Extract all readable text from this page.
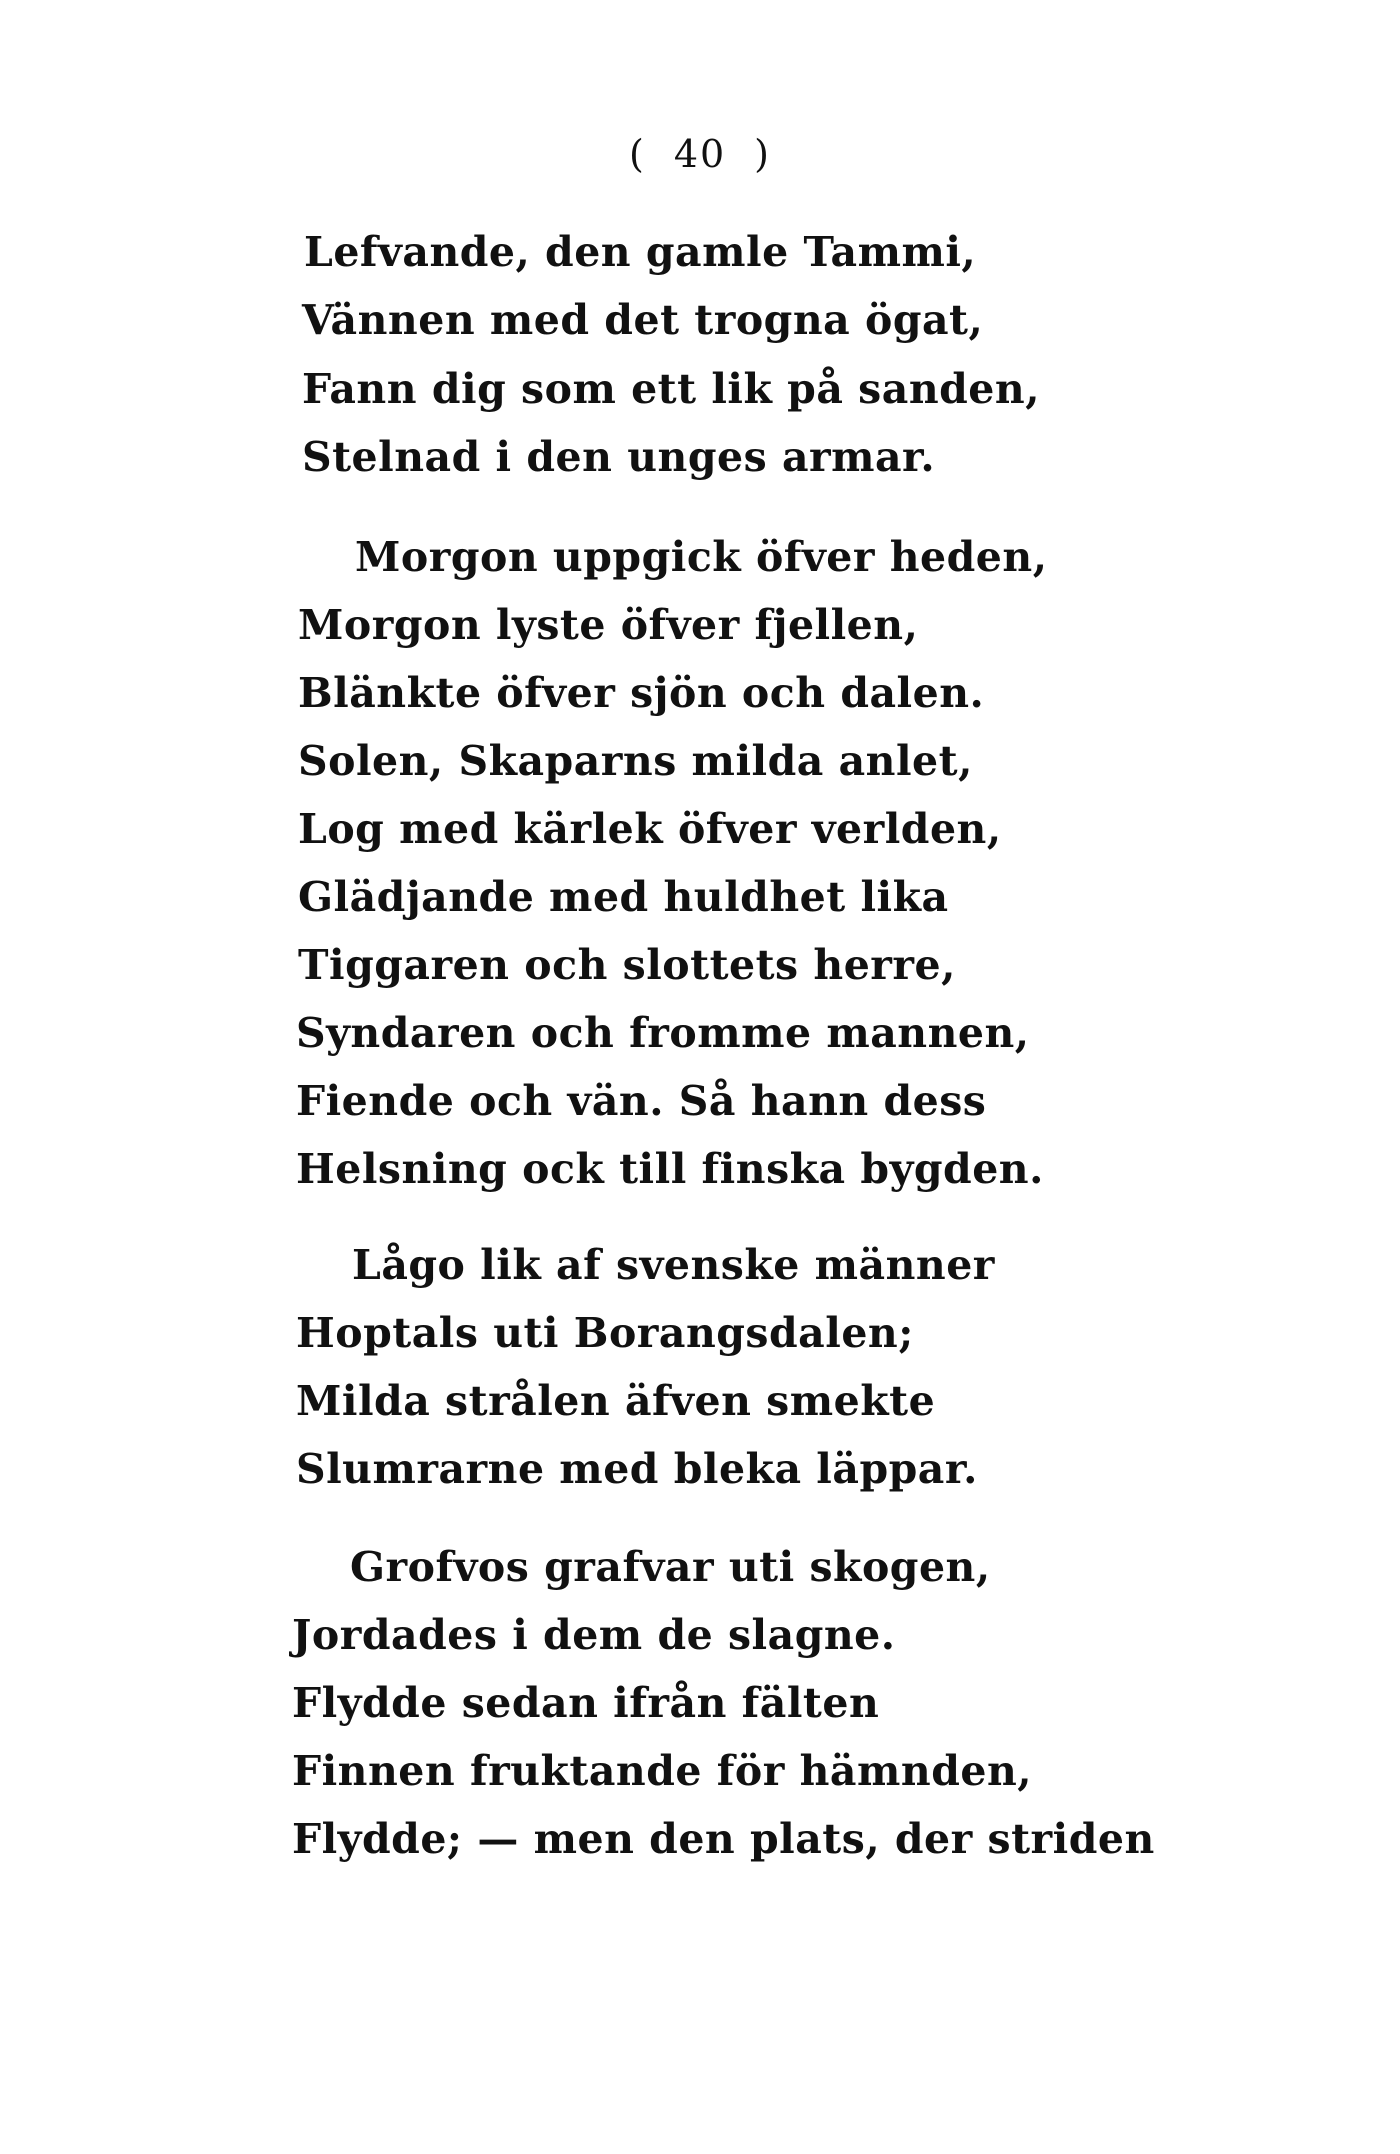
( 40 )
Lefvande, den gamle Tammi,
Vännen med det trogna ögat,
Fann dig som ett lik på sanden,
Stelnad i den unges armar.
Morgon uppgick öfver heden,
Morgon lyste öfver fjellen,
Blänkte öfver sjön och dalen.
Solen, Skaparns milda anlet,
Log med kärlek öfver verlden,
Glädjande med huldhet lika
Tiggaren och slottets herre,
Syndaren och fromme mannen,
Fiende och vän. Så hann dess
Helsning ock till finska bygden.
Lågo lik af svenske männer
Hoptals uti Borangsdalen;
Milda strålen äfven smekte
Slumrarne med bleka läppar.
Grofvos grafvar uti skogen,
Jordades i dem de slagne.
Flydde sedan ifrån fälten
Finnen fruktande för hämnden,
Flydde; — men den plats, der striden
